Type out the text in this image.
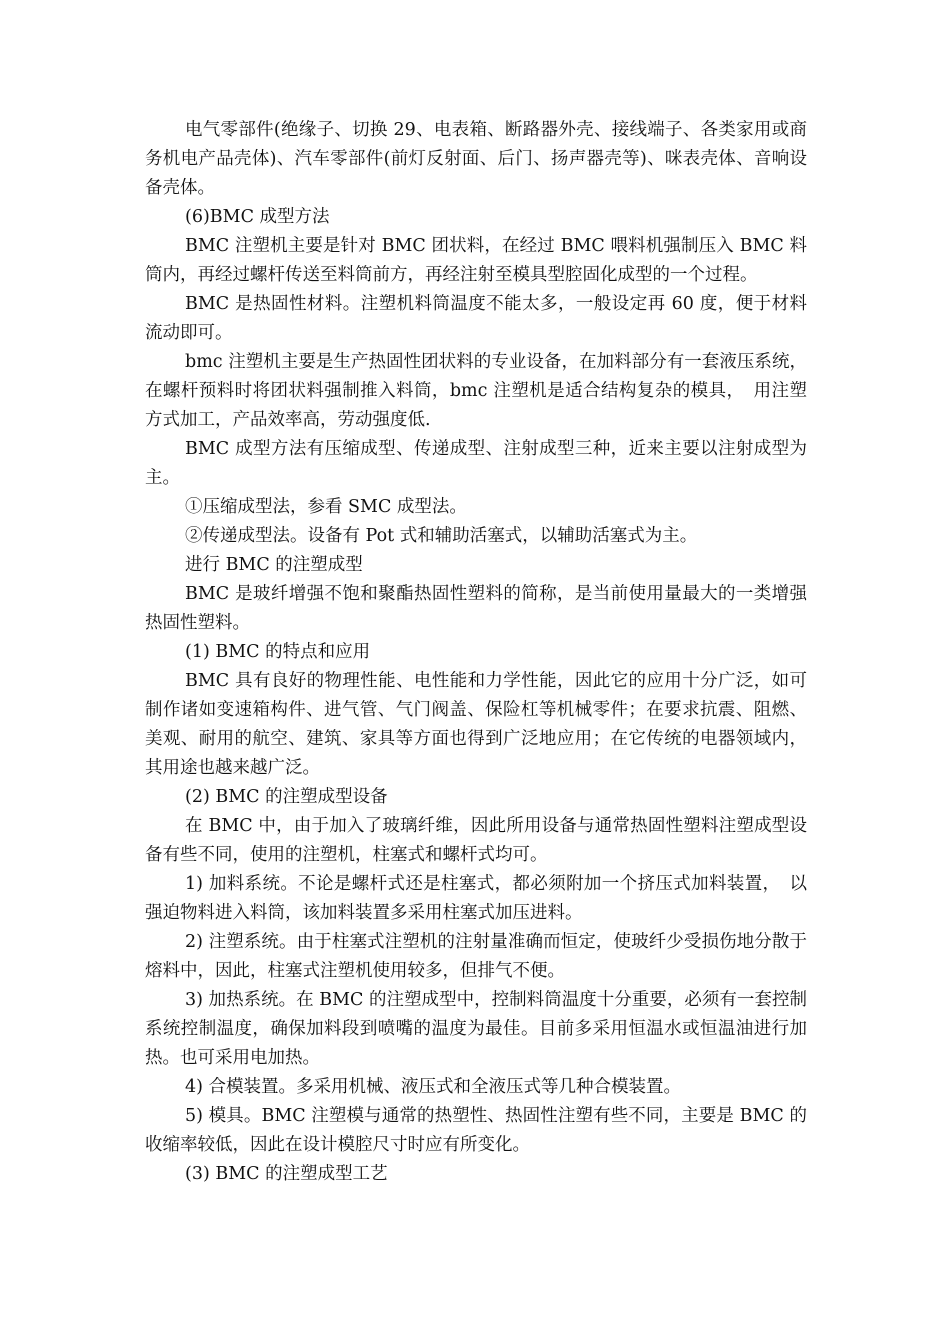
电气零部件(绝缘子、切换 29、电表箱、断路器外壳、接线端子、各类家用或商务机电产品壳体)、汽车零部件(前灯反射面、后门、扬声器壳等)、咪表壳体、音响设备壳体。

(6)BMC 成型方法

BMC 注塑机主要是针对 BMC 团状料，在经过 BMC 喂料机强制压入 BMC 料筒内，再经过螺杆传送至料筒前方，再经注射至模具型腔固化成型的一个过程。

BMC 是热固性材料。注塑机料筒温度不能太多，一般设定再 60 度，便于材料流动即可。

bmc 注塑机主要是生产热固性团状料的专业设备，在加料部分有一套液压系统，在螺杆预料时将团状料强制推入料筒，bmc 注塑机是适合结构复杂的模具，　用注塑方式加工，产品效率高，劳动强度低.

BMC 成型方法有压缩成型、传递成型、注射成型三种，近来主要以注射成型为主。

①压缩成型法，参看 SMC 成型法。

②传递成型法。设备有 Pot 式和辅助活塞式，以辅助活塞式为主。

进行 BMC 的注塑成型

BMC 是玻纤增强不饱和聚酯热固性塑料的简称，是当前使用量最大的一类增强热固性塑料。

(1) BMC 的特点和应用

BMC 具有良好的物理性能、电性能和力学性能，因此它的应用十分广泛，如可制作诸如变速箱构件、进气管、气门阀盖、保险杠等机械零件；在要求抗震、阻燃、美观、耐用的航空、建筑、家具等方面也得到广泛地应用；在它传统的电器领域内，其用途也越来越广泛。

(2) BMC 的注塑成型设备

在 BMC 中，由于加入了玻璃纤维，因此所用设备与通常热固性塑料注塑成型设备有些不同，使用的注塑机，柱塞式和螺杆式均可。

1) 加料系统。不论是螺杆式还是柱塞式，都必须附加一个挤压式加料装置，　以强迫物料进入料筒，该加料装置多采用柱塞式加压进料。

2) 注塑系统。由于柱塞式注塑机的注射量准确而恒定，使玻纤少受损伤地分散于熔料中，因此，柱塞式注塑机使用较多，但排气不便。

3) 加热系统。在 BMC 的注塑成型中，控制料筒温度十分重要，必须有一套控制系统控制温度，确保加料段到喷嘴的温度为最佳。目前多采用恒温水或恒温油进行加热。也可采用电加热。

4) 合模装置。多采用机械、液压式和全液压式等几种合模装置。

5) 模具。BMC 注塑模与通常的热塑性、热固性注塑有些不同，主要是 BMC 的收缩率较低，因此在设计模腔尺寸时应有所变化。

(3) BMC 的注塑成型工艺
